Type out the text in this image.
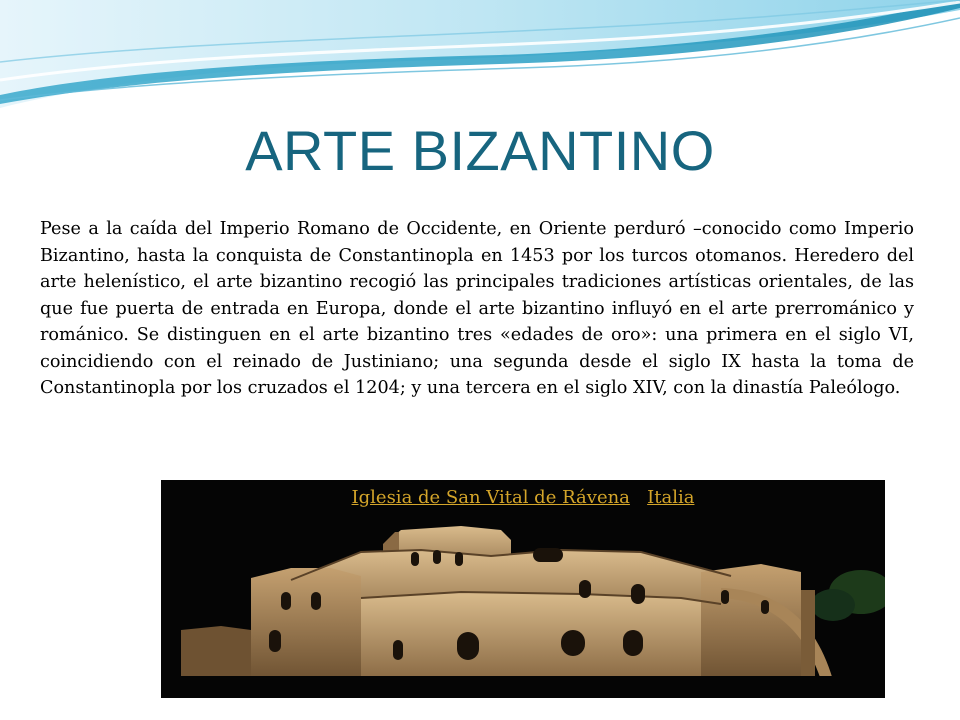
ARTE BIZANTINO

Pese a la caída del Imperio Romano de Occidente, en Oriente perduró –conocido como Imperio Bizantino, hasta la conquista de Constantinopla en 1453 por los turcos otomanos. Heredero del arte helenístico, el arte bizantino recogió las principales tradiciones artísticas orientales, de las que fue puerta de entrada en Europa, donde el arte bizantino influyó en el arte prerrománico y románico. Se distinguen en el arte bizantino tres «edades de oro»: una primera en el siglo VI, coincidiendo con el reinado de Justiniano; una segunda desde el siglo IX hasta la toma de Constantinopla por los cruzados el 1204; y una tercera en el siglo XIV, con la dinastía Paleólogo.

Iglesia de San Vital de Rávena Italia
